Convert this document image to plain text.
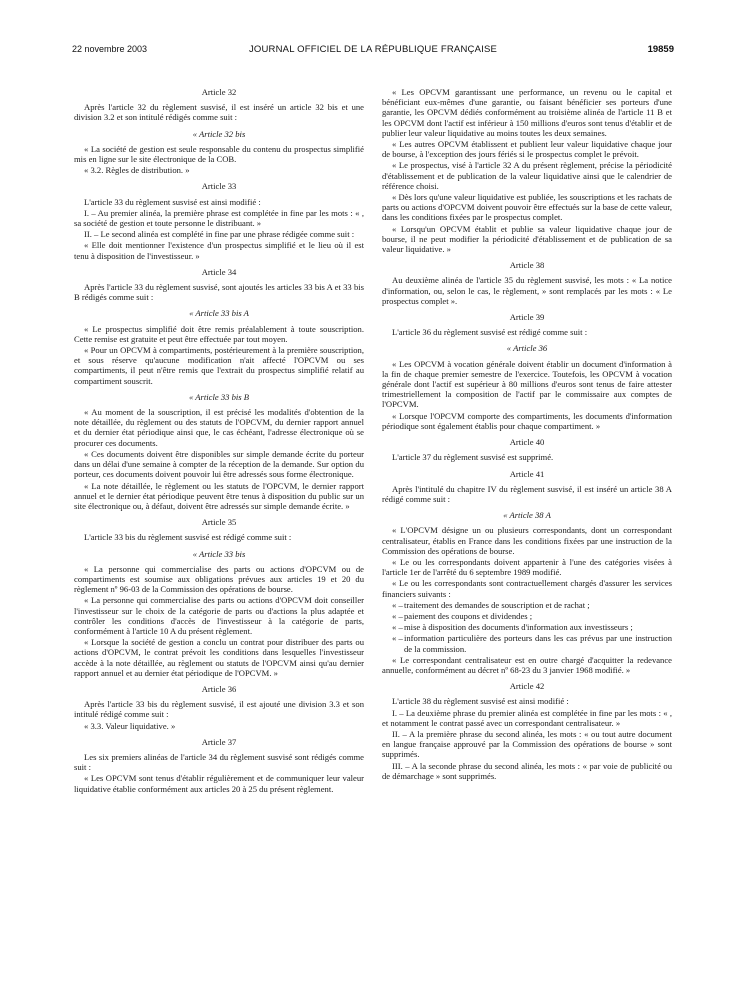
22 novembre 2003	JOURNAL OFFICIEL DE LA RÉPUBLIQUE FRANÇAISE	19859

Article 32

Après l'article 32 du règlement susvisé, il est inséré un article 32 bis et une division 3.2 et son intitulé rédigés comme suit :

« Article 32 bis

« La société de gestion est seule responsable du contenu du prospectus simplifié mis en ligne sur le site électronique de la COB.

« 3.2. Règles de distribution. »

Article 33

L'article 33 du règlement susvisé est ainsi modifié :

I. – Au premier alinéa, la première phrase est complétée in fine par les mots : « , sa société de gestion et toute personne le distribuant. »

II. – Le second alinéa est complété in fine par une phrase rédigée comme suit :

« Elle doit mentionner l'existence d'un prospectus simplifié et le lieu où il est tenu à disposition de l'investisseur. »

Article 34

Après l'article 33 du règlement susvisé, sont ajoutés les articles 33 bis A et 33 bis B rédigés comme suit :

« Article 33 bis A

« Le prospectus simplifié doit être remis préalablement à toute souscription. Cette remise est gratuite et peut être effectuée par tout moyen.

« Pour un OPCVM à compartiments, postérieurement à la première souscription, et sous réserve qu'aucune modification n'ait affecté l'OPCVM ou ses compartiments, il peut n'être remis que l'extrait du prospectus simplifié relatif au compartiment souscrit.

« Article 33 bis B

« Au moment de la souscription, il est précisé les modalités d'obtention de la note détaillée, du règlement ou des statuts de l'OPCVM, du dernier rapport annuel et du dernier état périodique ainsi que, le cas échéant, l'adresse électronique où se procurer ces documents.

« Ces documents doivent être disponibles sur simple demande écrite du porteur dans un délai d'une semaine à compter de la réception de la demande. Sur option du porteur, ces documents doivent pouvoir lui être adressés sous forme électronique.

« La note détaillée, le règlement ou les statuts de l'OPCVM, le dernier rapport annuel et le dernier état périodique peuvent être tenus à disposition du public sur un site électronique ou, à défaut, doivent être adressés sur simple demande écrite. »

Article 35

L'article 33 bis du règlement susvisé est rédigé comme suit :

« Article 33 bis

« La personne qui commercialise des parts ou actions d'OPCVM ou de compartiments est soumise aux obligations prévues aux articles 19 et 20 du règlement nº 96-03 de la Commission des opérations de bourse.

« La personne qui commercialise des parts ou actions d'OPCVM doit conseiller l'investisseur sur le choix de la catégorie de parts ou d'actions la plus adaptée et contrôler les conditions d'accès de l'investisseur à la catégorie de parts, conformément à l'article 10 A du présent règlement.

« Lorsque la société de gestion a conclu un contrat pour distribuer des parts ou actions d'OPCVM, le contrat prévoit les conditions dans lesquelles l'investisseur accède à la note détaillée, au règlement ou statuts de l'OPCVM ainsi qu'au dernier rapport annuel et au dernier état périodique de l'OPCVM. »

Article 36

Après l'article 33 bis du règlement susvisé, il est ajouté une division 3.3 et son intitulé rédigé comme suit :

« 3.3. Valeur liquidative. »

Article 37

Les six premiers alinéas de l'article 34 du règlement susvisé sont rédigés comme suit :

« Les OPCVM sont tenus d'établir régulièrement et de communiquer leur valeur liquidative établie conformément aux articles 20 à 25 du présent règlement.

« Les OPCVM garantissant une performance, un revenu ou le capital et bénéficiant eux-mêmes d'une garantie, ou faisant bénéficier ses porteurs d'une garantie, les OPCVM dédiés conformément au troisième alinéa de l'article 11 B et les OPCVM dont l'actif est inférieur à 150 millions d'euros sont tenus d'établir et de publier leur valeur liquidative au moins toutes les deux semaines.

« Les autres OPCVM établissent et publient leur valeur liquidative chaque jour de bourse, à l'exception des jours fériés si le prospectus complet le prévoit.

« Le prospectus, visé à l'article 32 A du présent règlement, précise la périodicité d'établissement et de publication de la valeur liquidative ainsi que le calendrier de référence choisi.

« Dès lors qu'une valeur liquidative est publiée, les souscriptions et les rachats de parts ou actions d'OPCVM doivent pouvoir être effectués sur la base de cette valeur, dans les conditions fixées par le prospectus complet.

« Lorsqu'un OPCVM établit et publie sa valeur liquidative chaque jour de bourse, il ne peut modifier la périodicité d'établissement et de publication de sa valeur liquidative. »

Article 38

Au deuxième alinéa de l'article 35 du règlement susvisé, les mots : « La notice d'information, ou, selon le cas, le règlement, » sont remplacés par les mots : « Le prospectus complet ».

Article 39

L'article 36 du règlement susvisé est rédigé comme suit :

« Article 36

« Les OPCVM à vocation générale doivent établir un document d'information à la fin de chaque premier semestre de l'exercice. Toutefois, les OPCVM à vocation générale dont l'actif est supérieur à 80 millions d'euros sont tenus de faire attester trimestriellement la composition de l'actif par le commissaire aux comptes de l'OPCVM.

« Lorsque l'OPCVM comporte des compartiments, les documents d'information périodique sont également établis pour chaque compartiment. »

Article 40

L'article 37 du règlement susvisé est supprimé.

Article 41

Après l'intitulé du chapitre IV du règlement susvisé, il est inséré un article 38 A rédigé comme suit :

« Article 38 A

« L'OPCVM désigne un ou plusieurs correspondants, dont un correspondant centralisateur, établis en France dans les conditions fixées par une instruction de la Commission des opérations de bourse.

« Le ou les correspondants doivent appartenir à l'une des catégories visées à l'article 1er de l'arrêté du 6 septembre 1989 modifié.

« Le ou les correspondants sont contractuellement chargés d'assurer les services financiers suivants :

« – traitement des demandes de souscription et de rachat ;

« – paiement des coupons et dividendes ;

« – mise à disposition des documents d'information aux investisseurs ;

« – information particulière des porteurs dans les cas prévus par une instruction de la commission.

« Le correspondant centralisateur est en outre chargé d'acquitter la redevance annuelle, conformément au décret nº 68-23 du 3 janvier 1968 modifié. »

Article 42

L'article 38 du règlement susvisé est ainsi modifié :

I. – La deuxième phrase du premier alinéa est complétée in fine par les mots : « , et notamment le contrat passé avec un correspondant centralisateur. »

II. – A la première phrase du second alinéa, les mots : « ou tout autre document en langue française approuvé par la Commission des opérations de bourse » sont supprimés.

III. – A la seconde phrase du second alinéa, les mots : « par voie de publicité ou de démarchage » sont supprimés.
